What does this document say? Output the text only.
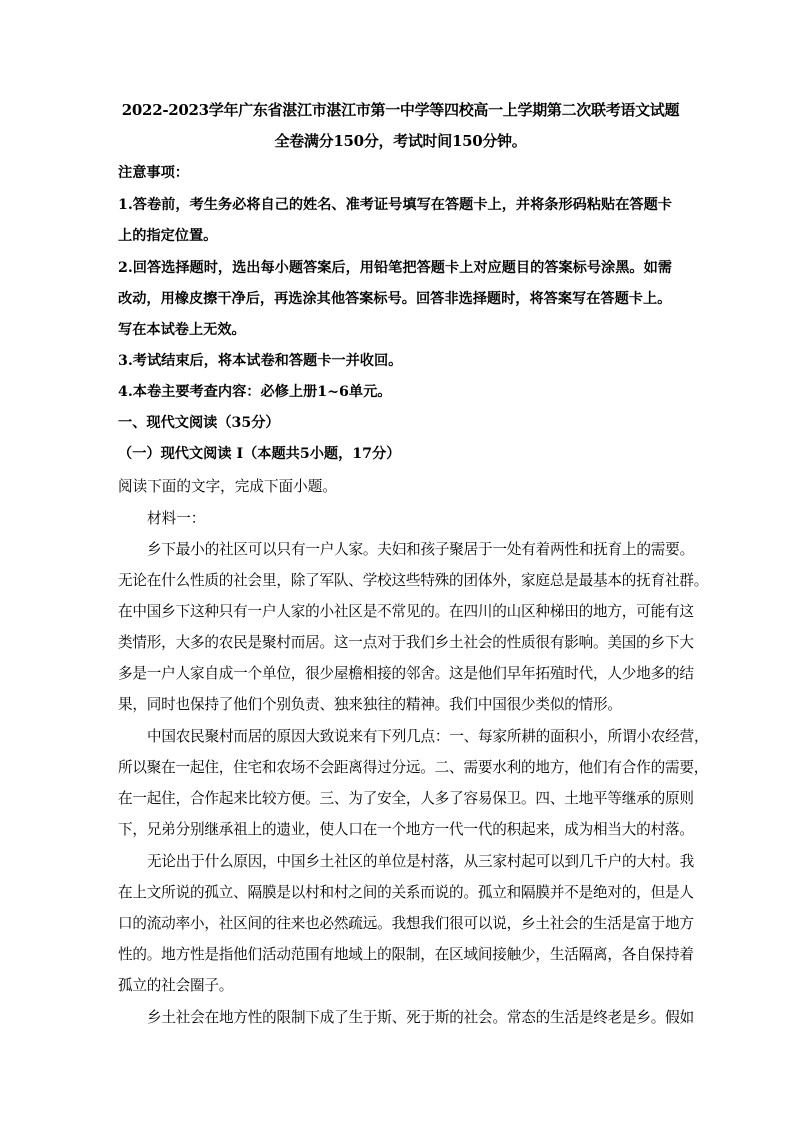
2022-2023学年广东省湛江市湛江市第一中学等四校高一上学期第二次联考语文试题
全卷满分150分，考试时间150分钟。
注意事项：
1.答卷前，考生务必将自己的姓名、准考证号填写在答题卡上，并将条形码粘贴在答题卡
上的指定位置。
2.回答选择题时，选出每小题答案后，用铅笔把答题卡上对应题目的答案标号涂黑。如需
改动，用橡皮擦干净后，再选涂其他答案标号。回答非选择题时，将答案写在答题卡上。
写在本试卷上无效。
3.考试结束后，将本试卷和答题卡一并收回。
4.本卷主要考查内容：必修上册1~6单元。
一、现代文阅读（35分）
（一）现代文阅读 I（本题共5小题，17分）
阅读下面的文字，完成下面小题。
材料一：
乡下最小的社区可以只有一户人家。夫妇和孩子聚居于一处有着两性和抚育上的需要。
无论在什么性质的社会里，除了军队、学校这些特殊的团体外，家庭总是最基本的抚育社群。
在中国乡下这种只有一户人家的小社区是不常见的。在四川的山区种梯田的地方，可能有这
类情形，大多的农民是聚村而居。这一点对于我们乡土社会的性质很有影响。美国的乡下大
多是一户人家自成一个单位，很少屋檐相接的邻舍。这是他们早年拓殖时代，人少地多的结
果，同时也保持了他们个别负责、独来独往的精神。我们中国很少类似的情形。
中国农民聚村而居的原因大致说来有下列几点：一、每家所耕的面积小，所谓小农经营，
所以聚在一起住，住宅和农场不会距离得过分远。二、需要水利的地方，他们有合作的需要，
在一起住，合作起来比较方便。三、为了安全，人多了容易保卫。四、土地平等继承的原则
下，兄弟分别继承祖上的遗业，使人口在一个地方一代一代的积起来，成为相当大的村落。
无论出于什么原因，中国乡土社区的单位是村落，从三家村起可以到几千户的大村。我
在上文所说的孤立、隔膜是以村和村之间的关系而说的。孤立和隔膜并不是绝对的，但是人
口的流动率小，社区间的往来也必然疏远。我想我们很可以说，乡土社会的生活是富于地方
性的。地方性是指他们活动范围有地域上的限制，在区域间接触少，生活隔离，各自保持着
孤立的社会圈子。
乡土社会在地方性的限制下成了生于斯、死于斯的社会。常态的生活是终老是乡。假如
